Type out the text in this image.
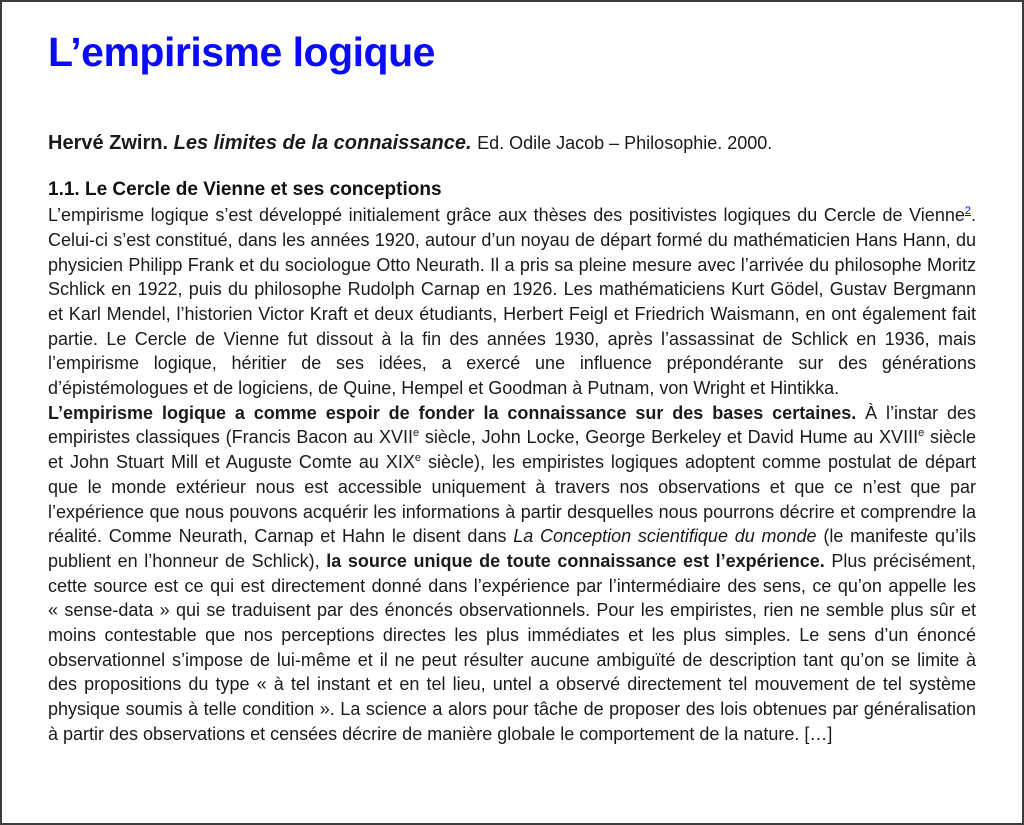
L’empirisme logique

Hervé Zwirn. Les limites de la connaissance. Ed. Odile Jacob – Philosophie. 2000.

1.1. Le Cercle de Vienne et ses conceptions

L’empirisme logique s’est développé initialement grâce aux thèses des positivistes logiques du Cercle de Vienne$^2$. Celui-ci s’est constitué, dans les années 1920, autour d’un noyau de départ formé du mathématicien Hans Hann, du physicien Philipp Frank et du sociologue Otto Neurath. Il a pris sa pleine mesure avec l’arrivée du philosophe Moritz Schlick en 1922, puis du philosophe Rudolph Carnap en 1926. Les mathématiciens Kurt Gödel, Gustav Bergmann et Karl Mendel, l’historien Victor Kraft et deux étudiants, Herbert Feigl et Friedrich Waismann, en ont également fait partie. Le Cercle de Vienne fut dissout à la fin des années 1930, après l’assassinat de Schlick en 1936, mais l’empirisme logique, héritier de ses idées, a exercé une influence prépondérante sur des générations d’épistémologues et de logiciens, de Quine, Hempel et Goodman à Putnam, von Wright et Hintikka.

L’empirisme logique a comme espoir de fonder la connaissance sur des bases certaines. À l’instar des empiristes classiques (Francis Bacon au XVIIe siècle, John Locke, George Berkeley et David Hume au XVIIIe siècle et John Stuart Mill et Auguste Comte au XIXe siècle), les empiristes logiques adoptent comme postulat de départ que le monde extérieur nous est accessible uniquement à travers nos observations et que ce n’est que par l’expérience que nous pouvons acquérir les informations à partir desquelles nous pourrons décrire et comprendre la réalité. Comme Neurath, Carnap et Hahn le disent dans La Conception scientifique du monde (le manifeste qu’ils publient en l’honneur de Schlick), la source unique de toute connaissance est l’expérience. Plus précisément, cette source est ce qui est directement donné dans l’expérience par l’intermédiaire des sens, ce qu’on appelle les « sense-data » qui se traduisent par des énoncés observationnels. Pour les empiristes, rien ne semble plus sûr et moins contestable que nos perceptions directes les plus immédiates et les plus simples. Le sens d’un énoncé observationnel s’impose de lui-même et il ne peut résulter aucune ambiguïté de description tant qu’on se limite à des propositions du type « à tel instant et en tel lieu, untel a observé directement tel mouvement de tel système physique soumis à telle condition ». La science a alors pour tâche de proposer des lois obtenues par généralisation à partir des observations et censées décrire de manière globale le comportement de la nature. […]
